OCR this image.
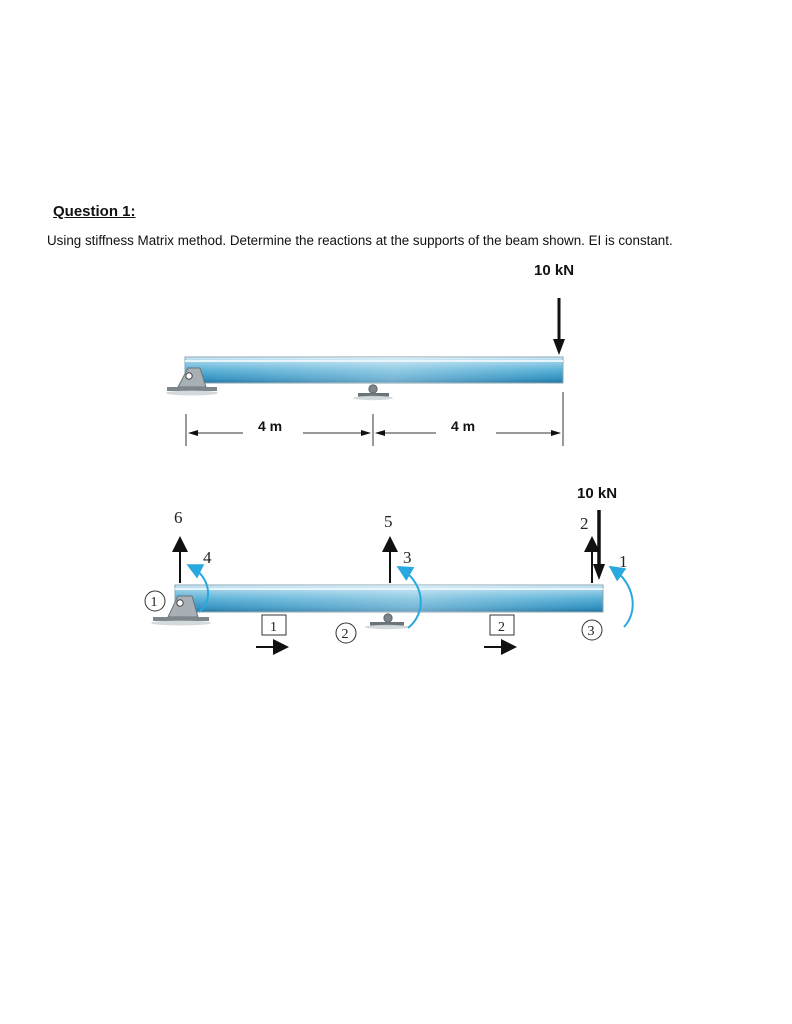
Question 1:
Using stiffness Matrix method. Determine the reactions at the supports of the beam shown. EI is constant.
10 kN
4 m	4 m
10 kN
6
4
5
3
2
1
1
2	3
1	2
